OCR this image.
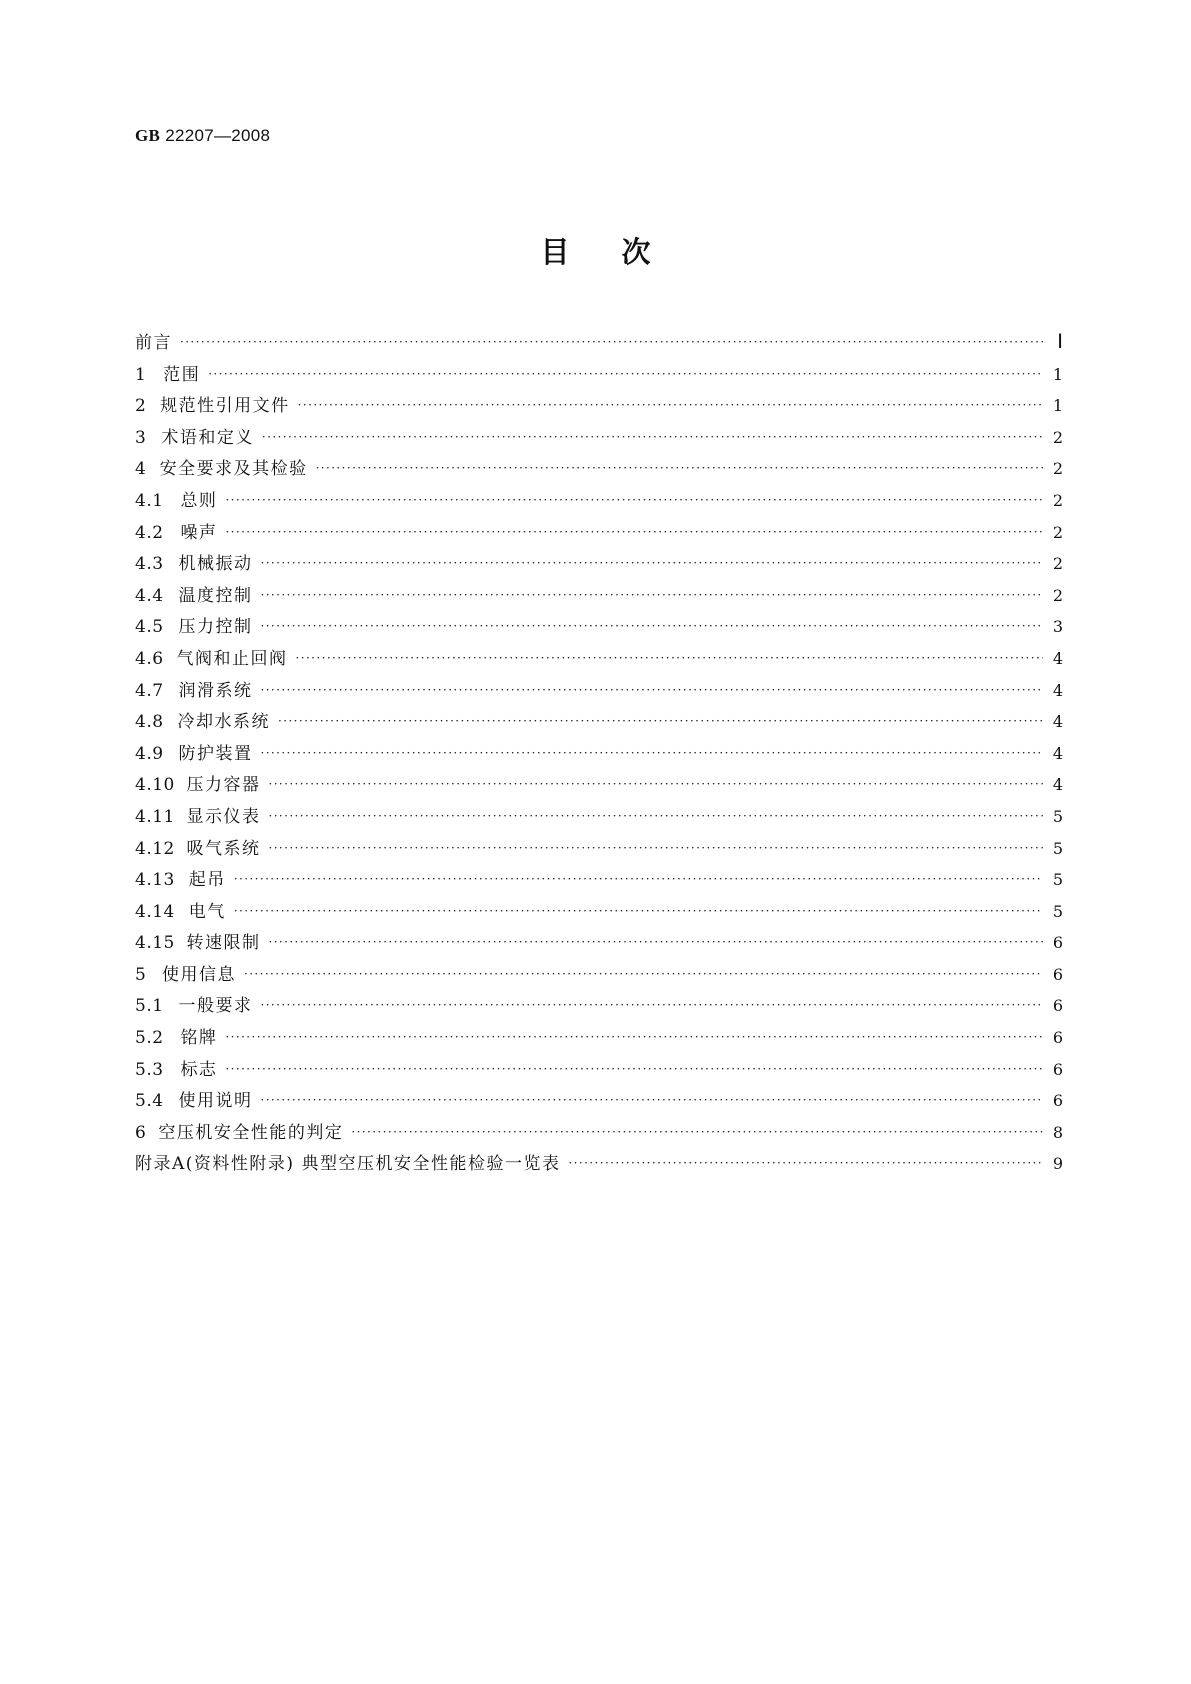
GB 22207—2008
目次
前言 ·····	Ⅰ
1 范围 ·····	1
2 规范性引用文件 ·····	1
3 术语和定义 ·····	2
4 安全要求及其检验 ·····	2
4.1 总则 ·····	2
4.2 噪声 ·····	2
4.3 机械振动 ·····	2
4.4 温度控制 ·····	2
4.5 压力控制 ·····	3
4.6 气阀和止回阀 ·····	4
4.7 润滑系统 ·····	4
4.8 冷却水系统 ·····	4
4.9 防护装置 ·····	4
4.10 压力容器 ·····	4
4.11 显示仪表 ·····	5
4.12 吸气系统 ·····	5
4.13 起吊 ·····	5
4.14 电气 ·····	5
4.15 转速限制 ·····	6
5 使用信息 ·····	6
5.1 一般要求 ·····	6
5.2 铭牌 ·····	6
5.3 标志 ·····	6
5.4 使用说明 ·····	6
6 空压机安全性能的判定 ·····	8
附录A(资料性附录) 典型空压机安全性能检验一览表 ·····	9
